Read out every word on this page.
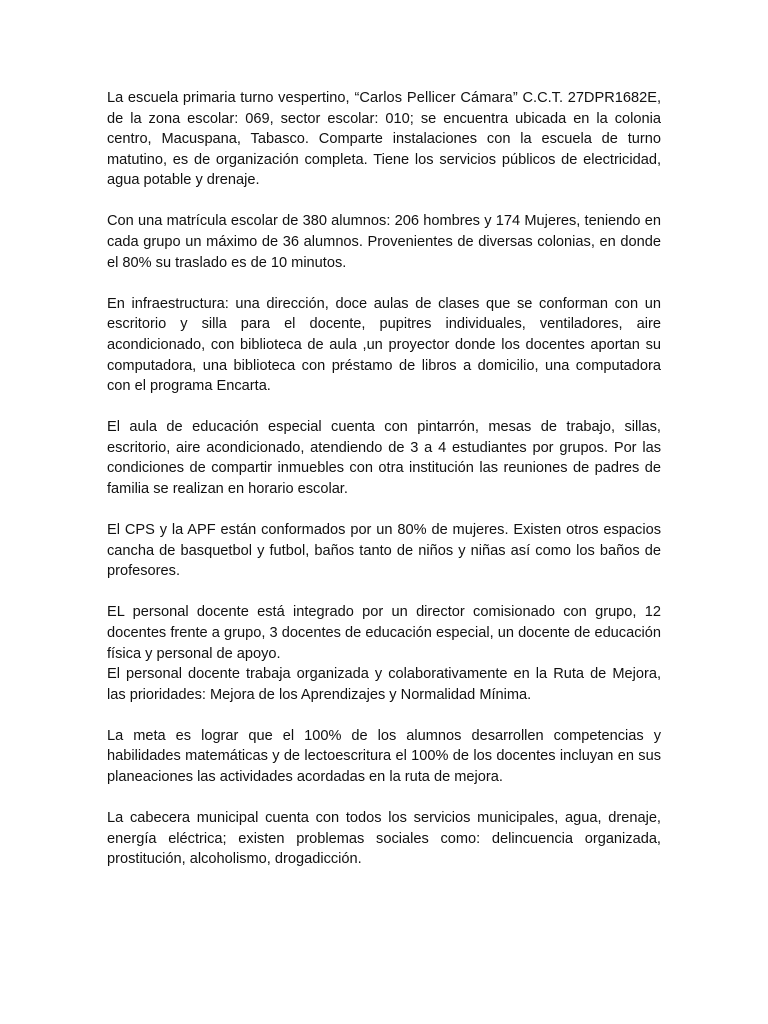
La escuela primaria turno vespertino, “Carlos Pellicer Cámara” C.C.T. 27DPR1682E, de la zona escolar: 069, sector escolar: 010; se encuentra ubicada en la colonia centro, Macuspana, Tabasco. Comparte instalaciones con la escuela de turno matutino, es de organización completa. Tiene los servicios públicos de electricidad, agua potable y drenaje.

Con una matrícula escolar de 380 alumnos: 206 hombres y 174 Mujeres, teniendo en cada grupo un máximo de 36 alumnos. Provenientes de diversas colonias, en donde el 80% su traslado es de 10 minutos.

En infraestructura: una dirección, doce aulas de clases que se conforman con un escritorio y silla para el docente, pupitres individuales, ventiladores, aire acondicionado, con biblioteca de aula ,un proyector donde los docentes aportan su computadora, una biblioteca con préstamo de libros a domicilio, una computadora con el programa Encarta.

El aula de educación especial cuenta con pintarrón, mesas de trabajo, sillas, escritorio, aire acondicionado, atendiendo de 3 a 4 estudiantes por grupos. Por las condiciones de compartir inmuebles con otra institución las reuniones de padres de familia se realizan en horario escolar.

El CPS y la APF están conformados por un 80% de mujeres. Existen otros espacios cancha de basquetbol y futbol, baños tanto de niños y niñas así como los baños de profesores.

EL personal docente está integrado por un director comisionado con grupo, 12 docentes frente a grupo, 3 docentes de educación especial, un docente de educación física y personal de apoyo.

El personal docente trabaja organizada y colaborativamente en la Ruta de Mejora, las prioridades: Mejora de los Aprendizajes y Normalidad Mínima.

La meta es lograr que el 100% de los alumnos desarrollen competencias y habilidades matemáticas y de lectoescritura el 100% de los docentes incluyan en sus planeaciones las actividades acordadas en la ruta de mejora.

La cabecera municipal cuenta con todos los servicios municipales, agua, drenaje, energía eléctrica; existen problemas sociales como: delincuencia organizada, prostitución, alcoholismo, drogadicción.
